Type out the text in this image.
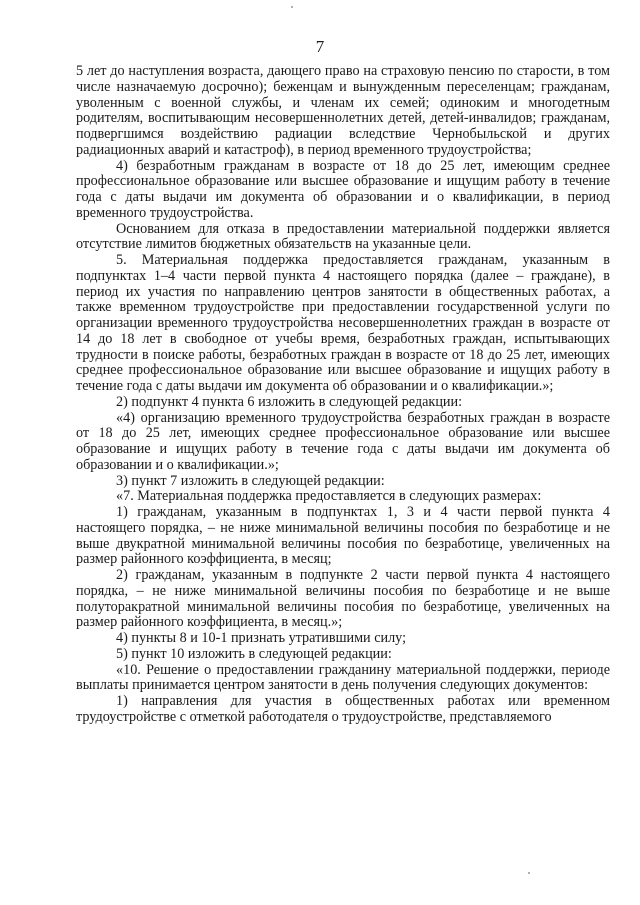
7

5 лет до наступления возраста, дающего право на страховую пенсию по старости, в том числе назначаемую досрочно); беженцам и вынужденным переселенцам; гражданам, уволенным с военной службы, и членам их семей; одиноким и многодетным родителям, воспитывающим несовершеннолетних детей, детей-инвалидов; гражданам, подвергшимся воздействию радиации вследствие Чернобыльской и других радиационных аварий и катастроф), в период временного трудоустройства;

4) безработным гражданам в возрасте от 18 до 25 лет, имеющим среднее профессиональное образование или высшее образование и ищущим работу в течение года с даты выдачи им документа об образовании и о квалификации, в период временного трудоустройства.

Основанием для отказа в предоставлении материальной поддержки является отсутствие лимитов бюджетных обязательств на указанные цели.

5. Материальная поддержка предоставляется гражданам, указанным в подпунктах 1–4 части первой пункта 4 настоящего порядка (далее – граждане), в период их участия по направлению центров занятости в общественных работах, а также временном трудоустройстве при предоставлении государственной услуги по организации временного трудоустройства несовершеннолетних граждан в возрасте от 14 до 18 лет в свободное от учебы время, безработных граждан, испытывающих трудности в поиске работы, безработных граждан в возрасте от 18 до 25 лет, имеющих среднее профессиональное образование или высшее образование и ищущих работу в течение года с даты выдачи им документа об образовании и о квалификации.»;

2) подпункт 4 пункта 6 изложить в следующей редакции:

«4) организацию временного трудоустройства безработных граждан в возрасте от 18 до 25 лет, имеющих среднее профессиональное образование или высшее образование и ищущих работу в течение года с даты выдачи им документа об образовании и о квалификации.»;

3) пункт 7 изложить в следующей редакции:

«7. Материальная поддержка предоставляется в следующих размерах:

1) гражданам, указанным в подпунктах 1, 3 и 4 части первой пункта 4 настоящего порядка, – не ниже минимальной величины пособия по безработице и не выше двукратной минимальной величины пособия по безработице, увеличенных на размер районного коэффициента, в месяц;

2) гражданам, указанным в подпункте 2 части первой пункта 4 настоящего порядка, – не ниже минимальной величины пособия по безработице и не выше полуторакратной минимальной величины пособия по безработице, увеличенных на размер районного коэффициента, в месяц.»;

4) пункты 8 и 10-1 признать утратившими силу;

5) пункт 10 изложить в следующей редакции:

«10. Решение о предоставлении гражданину материальной поддержки, периоде выплаты принимается центром занятости в день получения следующих документов:

1) направления для участия в общественных работах или временном трудоустройстве с отметкой работодателя о трудоустройстве, представляемого
